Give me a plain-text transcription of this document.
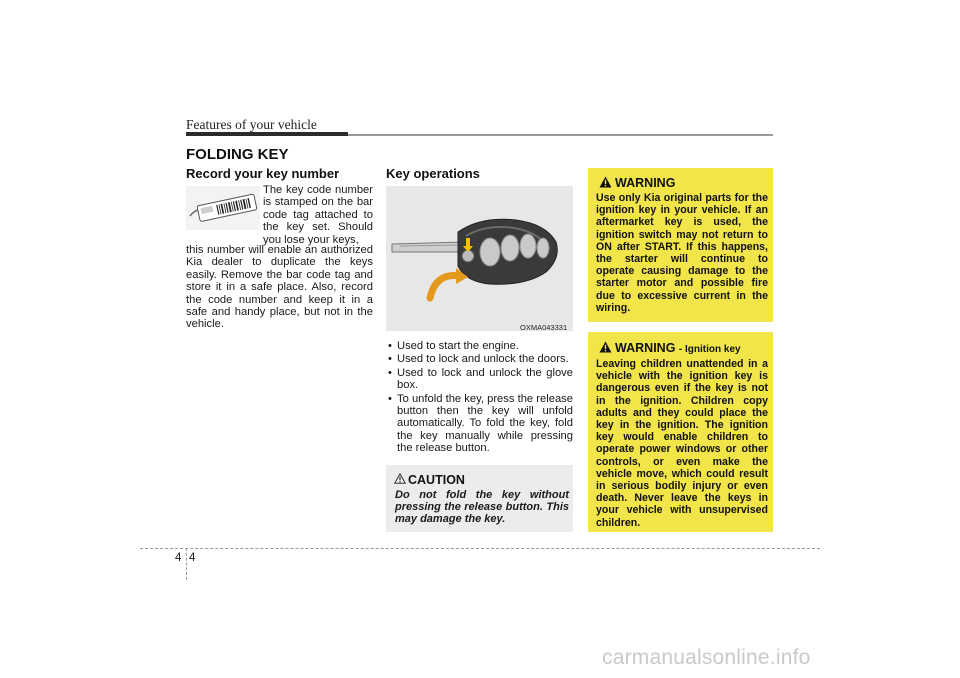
Features of your vehicle
FOLDING KEY
Record your key number
The key code number is stamped on the bar code tag attached to the key set. Should you lose your keys,
this number will enable an authorized Kia dealer to duplicate the keys easily. Remove the bar code tag and store it in a safe place. Also, record the code number and keep it in a safe and handy place, but not in the vehicle.
Key operations
OXMA043331
• Used to start the engine.
• Used to lock and unlock the doors.
• Used to lock and unlock the glove box.
• To unfold the key, press the release button then the key will unfold automatically. To fold the key, fold the key manually while pressing the release button.
CAUTION
Do not fold the key without pressing the release button. This may damage the key.
WARNING
Use only Kia original parts for the ignition key in your vehicle. If an aftermarket key is used, the ignition switch may not return to ON after START. If this happens, the starter will continue to operate causing damage to the starter motor and possible fire due to excessive current in the wiring.
WARNING - Ignition key
Leaving children unattended in a vehicle with the ignition key is dangerous even if the key is not in the ignition. Children copy adults and they could place the key in the ignition. The ignition key would enable children to operate power windows or other controls, or even make the vehicle move, which could result in serious bodily injury or even death. Never leave the keys in your vehicle with unsupervised children.
4 4
carmanualsonline.info
